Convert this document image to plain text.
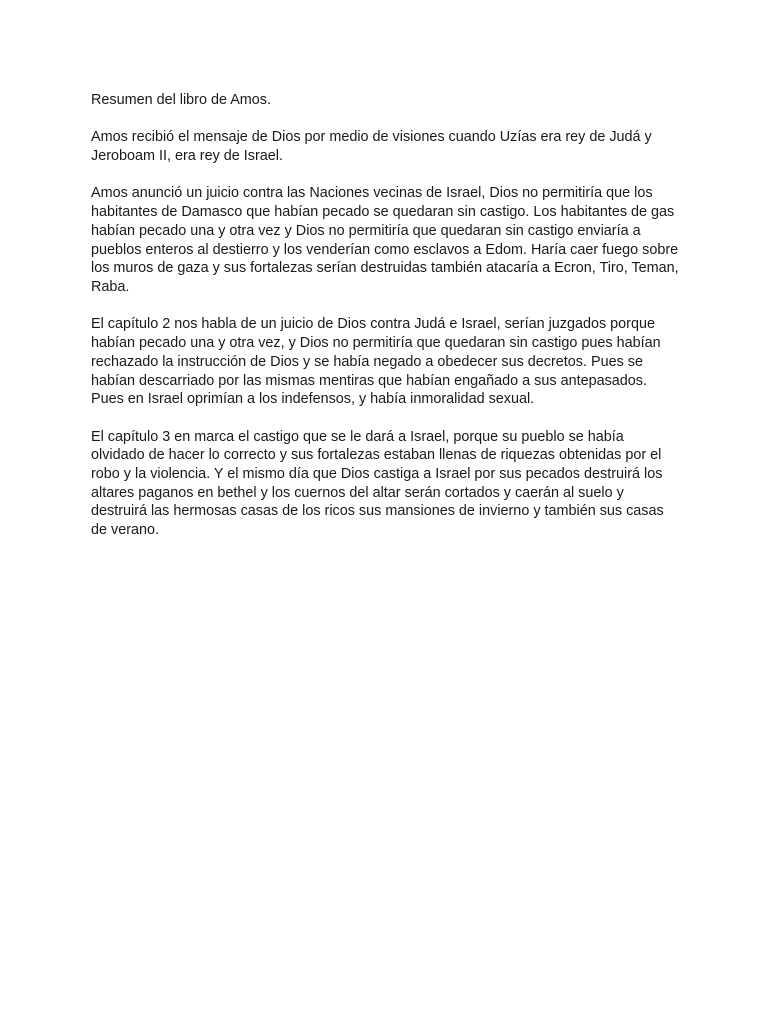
Resumen del libro de Amos.

Amos recibió el mensaje de Dios por medio de visiones cuando Uzías era rey de Judá y Jeroboam II, era rey de Israel.

Amos anunció un juicio contra las Naciones vecinas de Israel, Dios no permitiría que los habitantes de Damasco que habían pecado se quedaran sin castigo. Los habitantes de gas habían pecado una y otra vez y Dios no permitiría que quedaran sin castigo enviaría a pueblos enteros al destierro y los venderían como esclavos a Edom. Haría caer fuego sobre los muros de gaza y sus fortalezas serían destruidas también atacaría a Ecron, Tiro, Teman, Raba.

El capítulo 2 nos habla de un juicio de Dios contra Judá e Israel, serían juzgados porque habían pecado una y otra vez, y Dios no permitiría que quedaran sin castigo pues habían rechazado la instrucción de Dios y se había negado a obedecer sus decretos. Pues se habían descarriado por las mismas mentiras que habían engañado a sus antepasados. Pues en Israel oprimían a los indefensos, y había inmoralidad sexual.

El capítulo 3 en marca el castigo que se le dará a Israel, porque su pueblo se había olvidado de hacer lo correcto y sus fortalezas estaban llenas de riquezas obtenidas por el robo y la violencia. Y el mismo día que Dios castiga a Israel por sus pecados destruirá los altares paganos en bethel y los cuernos del altar serán cortados y caerán al suelo y destruirá las hermosas casas de los ricos sus mansiones de invierno y también sus casas de verano.
